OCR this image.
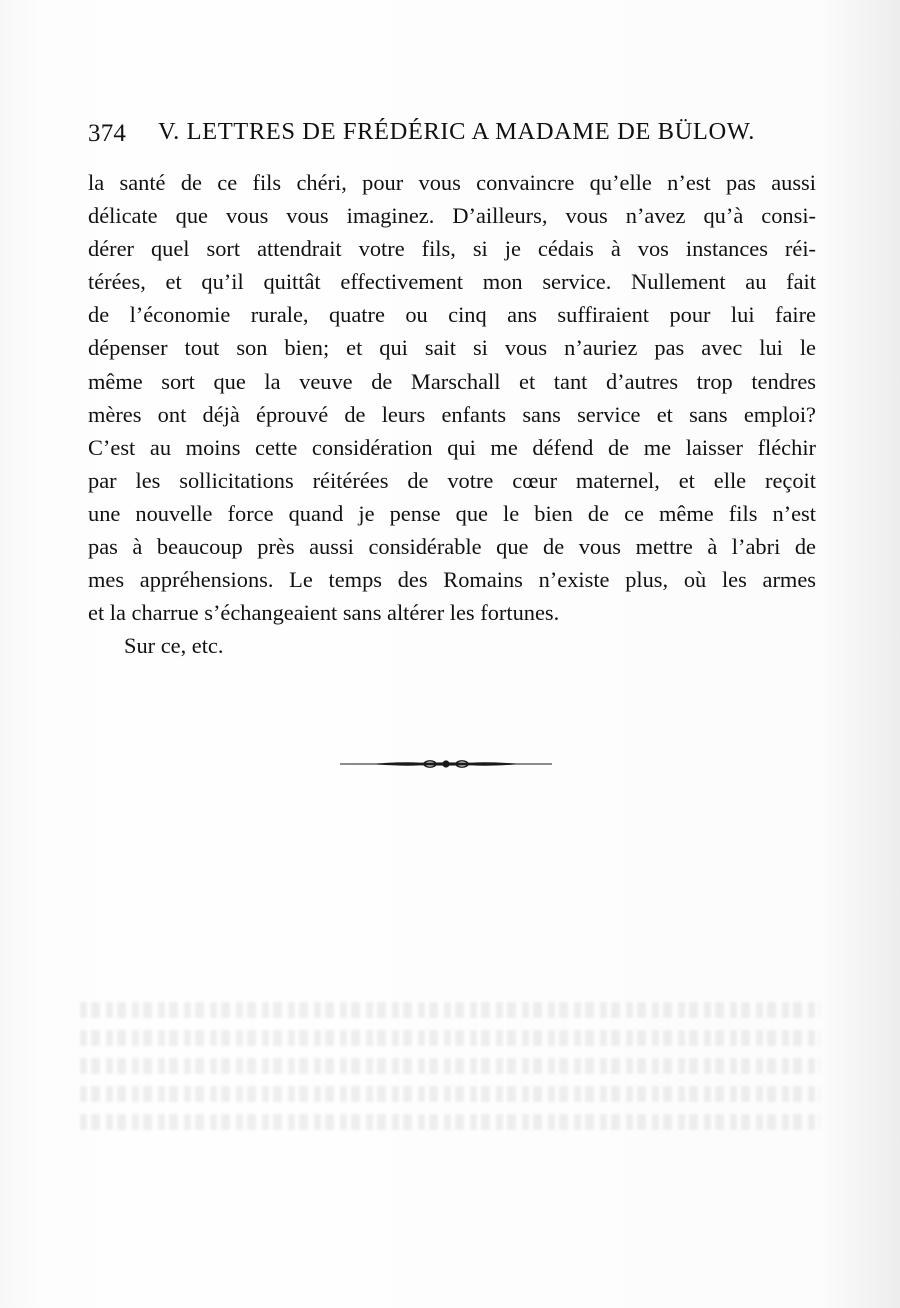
374 V. LETTRES DE FRÉDÉRIC A MADAME DE BÜLOW.
la santé de ce fils chéri, pour vous convaincre qu’elle n’est pas aussi
délicate que vous vous imaginez. D’ailleurs, vous n’avez qu’à consi-
dérer quel sort attendrait votre fils, si je cédais à vos instances réi-
térées, et qu’il quittât effectivement mon service. Nullement au fait
de l’économie rurale, quatre ou cinq ans suffiraient pour lui faire
dépenser tout son bien; et qui sait si vous n’auriez pas avec lui le
même sort que la veuve de Marschall et tant d’autres trop tendres
mères ont déjà éprouvé de leurs enfants sans service et sans emploi?
C’est au moins cette considération qui me défend de me laisser fléchir
par les sollicitations réitérées de votre cœur maternel, et elle reçoit
une nouvelle force quand je pense que le bien de ce même fils n’est
pas à beaucoup près aussi considérable que de vous mettre à l’abri de
mes appréhensions. Le temps des Romains n’existe plus, où les armes
et la charrue s’échangeaient sans altérer les fortunes.
Sur ce, etc.
